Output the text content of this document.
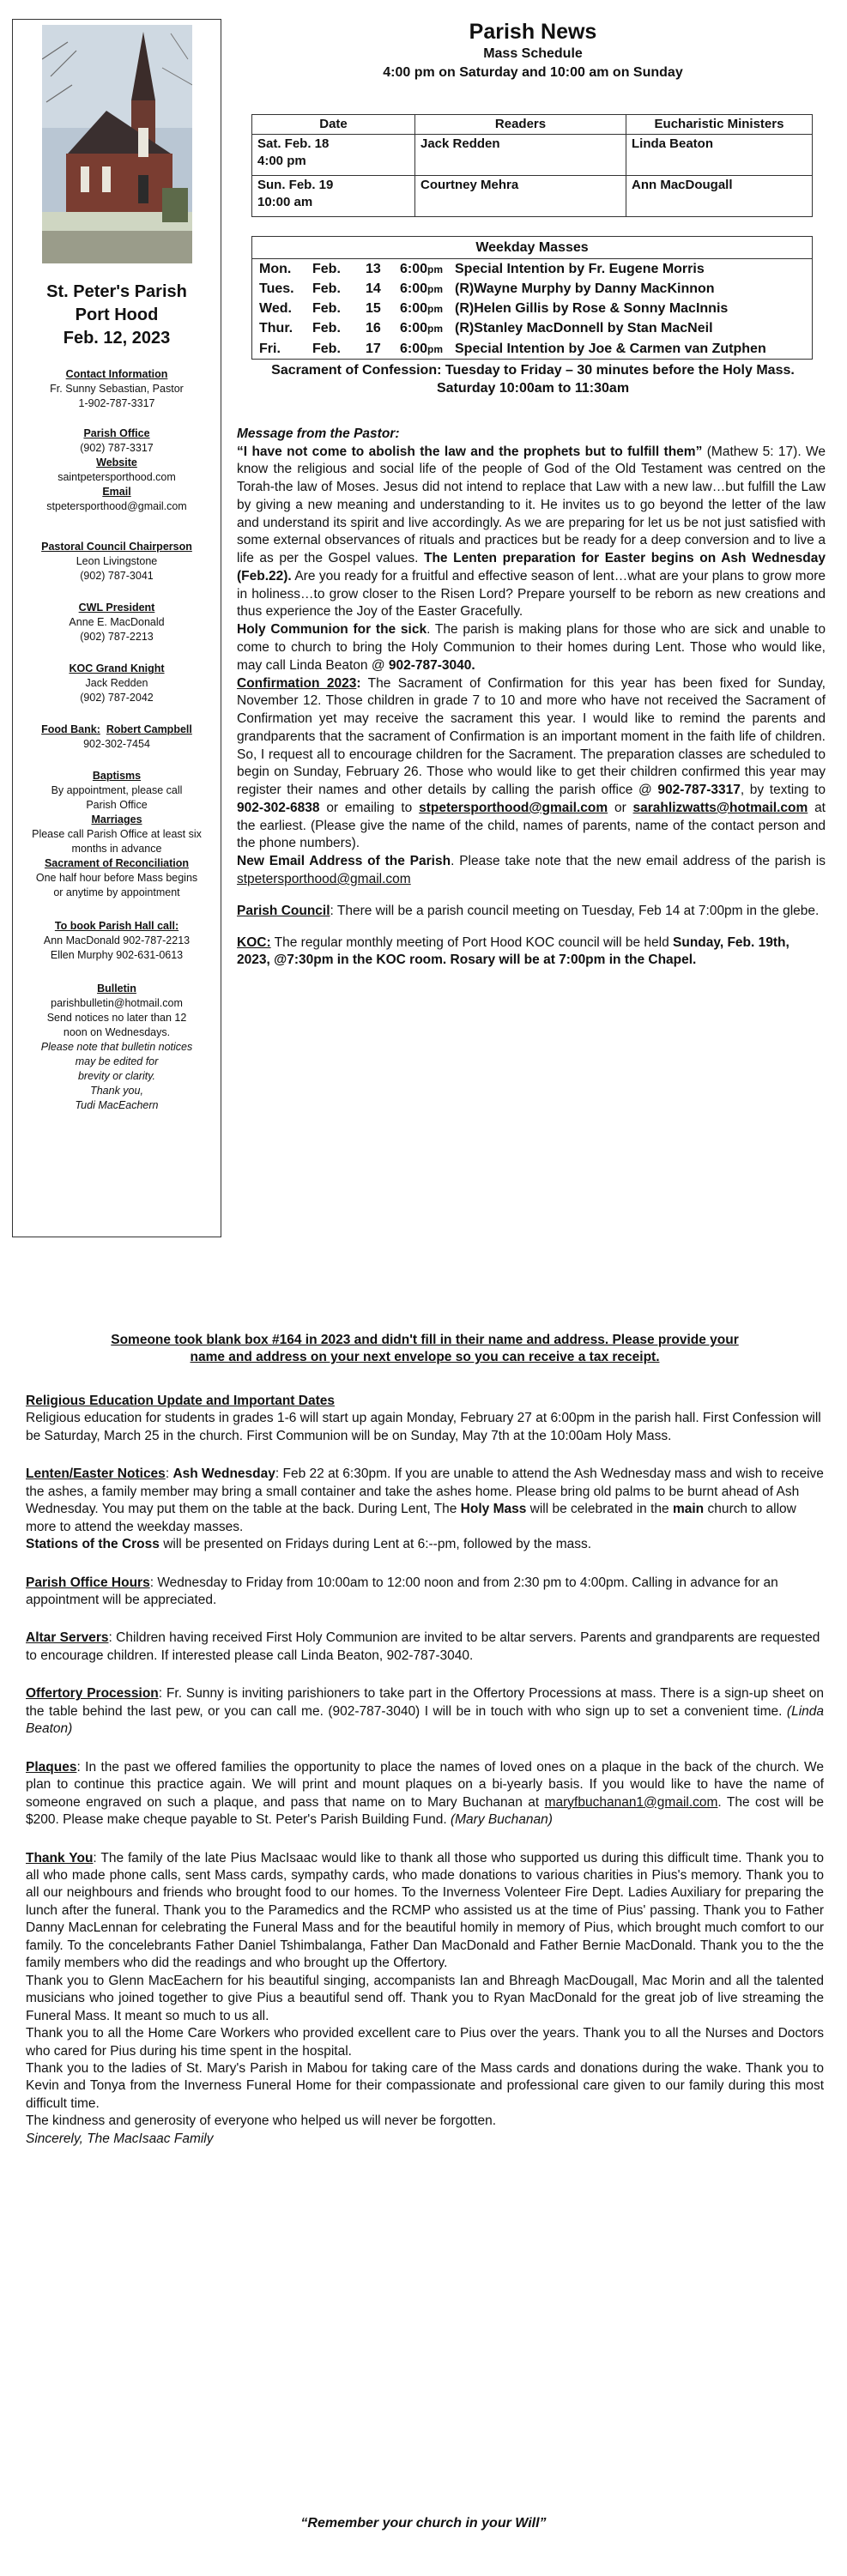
St. Peter's Parish
Port Hood
Feb. 12, 2023
Contact Information
Fr. Sunny Sebastian, Pastor
1-902-787-3317
Parish Office
(902) 787-3317
Website
saintpetersporthood.com
Email
stpetersporthood@gmail.com
Pastoral Council Chairperson
Leon Livingstone
(902) 787-3041
CWL President
Anne E. MacDonald
(902) 787-2213
KOC Grand Knight
Jack Redden
(902) 787-2042
Food Bank: Robert Campbell
902-302-7454
Baptisms
By appointment, please call
Parish Office
Marriages
Please call Parish Office at least six
months in advance
Sacrament of Reconciliation
One half hour before Mass begins
or anytime by appointment
To book Parish Hall call:
Ann MacDonald 902-787-2213
Ellen Murphy 902-631-0613
Bulletin
parishbulletin@hotmail.com
Send notices no later than 12
noon on Wednesdays.
Please note that bulletin notices
may be edited for
brevity or clarity.
Thank you,
Tudi MacEachern
Parish News
Mass Schedule
4:00 pm on Saturday and 10:00 am on Sunday
Date	Readers	Eucharistic Ministers

Sat. Feb. 18
4:00 pm	Jack Redden	Linda Beaton

Sun. Feb. 19
10:00 am	Courtney Mehra	Ann MacDougall
Weekday Masses
Mon.	Feb.	13	6:00pm Special Intention by Fr. Eugene Morris
Tues.	Feb.	14	6:00pm (R)Wayne Murphy by Danny MacKinnon
Wed.	Feb.	15	6:00pm (R)Helen Gillis by Rose & Sonny MacInnis
Thur.	Feb.	16	6:00pm (R)Stanley MacDonnell by Stan MacNeil
Fri.	Feb.	17	6:00pm Special Intention by Joe & Carmen van Zutphen
Sacrament of Confession: Tuesday to Friday – 30 minutes before the Holy Mass. Saturday 10:00am to 11:30am

Message from the Pastor:

“I have not come to abolish the law and the prophets but to fulfill them” (Mathew 5: 17). We know the religious and social life of the people of God of the Old Testament was centred on the Torah-the law of Moses. Jesus did not intend to replace that Law with a new law…but fulfill the Law by giving a new meaning and understanding to it. He invites us to go beyond the letter of the law and understand its spirit and live accordingly. As we are preparing for let us be not just satisfied with some external observances of rituals and practices but be ready for a deep conversion and to live a life as per the Gospel values. The Lenten preparation for Easter begins on Ash Wednesday (Feb.22). Are you ready for a fruitful and effective season of lent…what are your plans to grow more in holiness…to grow closer to the Risen Lord? Prepare yourself to be reborn as new creations and thus experience the Joy of the Easter Gracefully.

Holy Communion for the sick. The parish is making plans for those who are sick and unable to come to church to bring the Holy Communion to their homes during Lent. Those who would like, may call Linda Beaton @ 902-787-3040.

Confirmation 2023: The Sacrament of Confirmation for this year has been fixed for Sunday, November 12. Those children in grade 7 to 10 and more who have not received the Sacrament of Confirmation yet may receive the sacrament this year. I would like to remind the parents and grandparents that the sacrament of Confirmation is an important moment in the faith life of children. So, I request all to encourage children for the Sacrament. The preparation classes are scheduled to begin on Sunday, February 26. Those who would like to get their children confirmed this year may register their names and other details by calling the parish office @ 902-787-3317, by texting to 902-302-6838 or emailing to stpetersporthood@gmail.com or sarahlizwatts@hotmail.com at the earliest. (Please give the name of the child, names of parents, name of the contact person and the phone numbers).

New Email Address of the Parish. Please take note that the new email address of the parish is stpetersporthood@gmail.com

Parish Council: There will be a parish council meeting on Tuesday, Feb 14 at 7:00pm in the glebe.

KOC: The regular monthly meeting of Port Hood KOC council will be held Sunday, Feb. 19th, 2023, @7:30pm in the KOC room. Rosary will be at 7:00pm in the Chapel.

Someone took blank box #164 in 2023 and didn't fill in their name and address. Please provide your name and address on your next envelope so you can receive a tax receipt.

Religious Education Update and Important Dates

Religious education for students in grades 1-6 will start up again Monday, February 27 at 6:00pm in the parish hall. First Confession will be Saturday, March 25 in the church. First Communion will be on Sunday, May 7th at the 10:00am Holy Mass.

Lenten/Easter Notices: Ash Wednesday: Feb 22 at 6:30pm. If you are unable to attend the Ash Wednesday mass and wish to receive the ashes, a family member may bring a small container and take the ashes home. Please bring old palms to be burnt ahead of Ash Wednesday. You may put them on the table at the back. During Lent, The Holy Mass will be celebrated in the main church to allow more to attend the weekday masses.

Stations of the Cross will be presented on Fridays during Lent at 6:--pm, followed by the mass.

Parish Office Hours: Wednesday to Friday from 10:00am to 12:00 noon and from 2:30 pm to 4:00pm. Calling in advance for an appointment will be appreciated.

Altar Servers: Children having received First Holy Communion are invited to be altar servers. Parents and grandparents are requested to encourage children. If interested please call Linda Beaton, 902-787-3040.

Offertory Procession: Fr. Sunny is inviting parishioners to take part in the Offertory Processions at mass. There is a sign-up sheet on the table behind the last pew, or you can call me. (902-787-3040) I will be in touch with who sign up to set a convenient time. (Linda Beaton)

Plaques: In the past we offered families the opportunity to place the names of loved ones on a plaque in the back of the church. We plan to continue this practice again. We will print and mount plaques on a bi-yearly basis. If you would like to have the name of someone engraved on such a plaque, and pass that name on to Mary Buchanan at maryfbuchanan1@gmail.com. The cost will be $200. Please make cheque payable to St. Peter's Parish Building Fund. (Mary Buchanan)

Thank You: The family of the late Pius MacIsaac would like to thank all those who supported us during this difficult time. Thank you to all who made phone calls, sent Mass cards, sympathy cards, who made donations to various charities in Pius's memory. Thank you to all our neighbours and friends who brought food to our homes. To the Inverness Volenteer Fire Dept. Ladies Auxiliary for preparing the lunch after the funeral. Thank you to the Paramedics and the RCMP who assisted us at the time of Pius' passing. Thank you to Father Danny MacLennan for celebrating the Funeral Mass and for the beautiful homily in memory of Pius, which brought much comfort to our family. To the concelebrants Father Daniel Tshimbalanga, Father Dan MacDonald and Father Bernie MacDonald. Thank you to the the family members who did the readings and who brought up the Offertory.

Thank you to Glenn MacEachern for his beautiful singing, accompanists Ian and Bhreagh MacDougall, Mac Morin and all the talented musicians who joined together to give Pius a beautiful send off. Thank you to Ryan MacDonald for the great job of live streaming the Funeral Mass. It meant so much to us all.

Thank you to all the Home Care Workers who provided excellent care to Pius over the years. Thank you to all the Nurses and Doctors who cared for Pius during his time spent in the hospital.

Thank you to the ladies of St. Mary's Parish in Mabou for taking care of the Mass cards and donations during the wake. Thank you to Kevin and Tonya from the Inverness Funeral Home for their compassionate and professional care given to our family during this most difficult time.

The kindness and generosity of everyone who helped us will never be forgotten.

Sincerely, The MacIsaac Family

“Remember your church in your Will”
